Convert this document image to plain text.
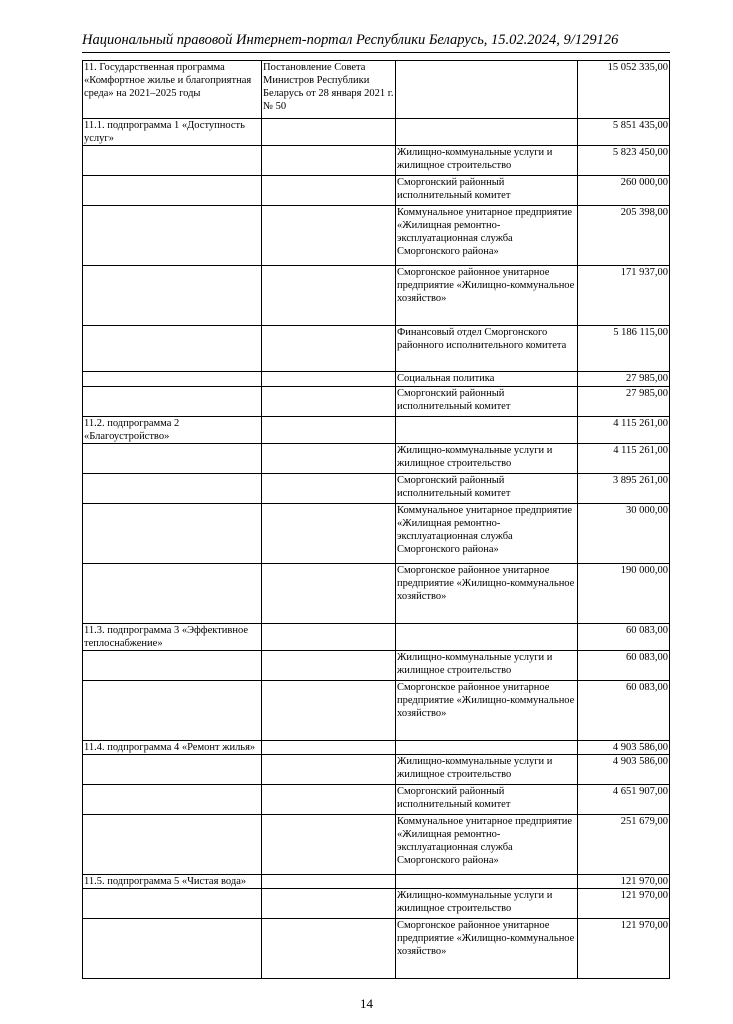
Национальный правовой Интернет-портал Республики Беларусь, 15.02.2024, 9/129126
11. Государственная программа «Комфортное жилье и благоприятная среда» на 2021–2025 годы	Постановление Совета Министров Республики Беларусь от 28 января 2021 г. № 50		15 052 335,00
11.1. подпрограмма 1 «Доступность услуг»			5 851 435,00
		Жилищно-коммунальные услуги и жилищное строительство	5 823 450,00
		Сморгонский районный исполнительный комитет	260 000,00
		Коммунальное унитарное предприятие «Жилищная ремонтно-эксплуатационная служба Сморгонского района»	205 398,00
		Сморгонское районное унитарное предприятие «Жилищно-коммунальное хозяйство»	171 937,00
		Финансовый отдел Сморгонского районного исполнительного комитета	5 186 115,00
		Социальная политика	27 985,00
		Сморгонский районный исполнительный комитет	27 985,00
11.2. подпрограмма 2 «Благоустройство»			4 115 261,00
		Жилищно-коммунальные услуги и жилищное строительство	4 115 261,00
		Сморгонский районный исполнительный комитет	3 895 261,00
		Коммунальное унитарное предприятие «Жилищная ремонтно-эксплуатационная служба Сморгонского района»	30 000,00
		Сморгонское районное унитарное предприятие «Жилищно-коммунальное хозяйство»	190 000,00
11.3. подпрограмма 3 «Эффективное теплоснабжение»			60 083,00
		Жилищно-коммунальные услуги и жилищное строительство	60 083,00
		Сморгонское районное унитарное предприятие «Жилищно-коммунальное хозяйство»	60 083,00
11.4. подпрограмма 4 «Ремонт жилья»			4 903 586,00
		Жилищно-коммунальные услуги и жилищное строительство	4 903 586,00
		Сморгонский районный исполнительный комитет	4 651 907,00
		Коммунальное унитарное предприятие «Жилищная ремонтно-эксплуатационная служба Сморгонского района»	251 679,00
11.5. подпрограмма 5 «Чистая вода»			121 970,00
		Жилищно-коммунальные услуги и жилищное строительство	121 970,00
		Сморгонское районное унитарное предприятие «Жилищно-коммунальное хозяйство»	121 970,00
14
